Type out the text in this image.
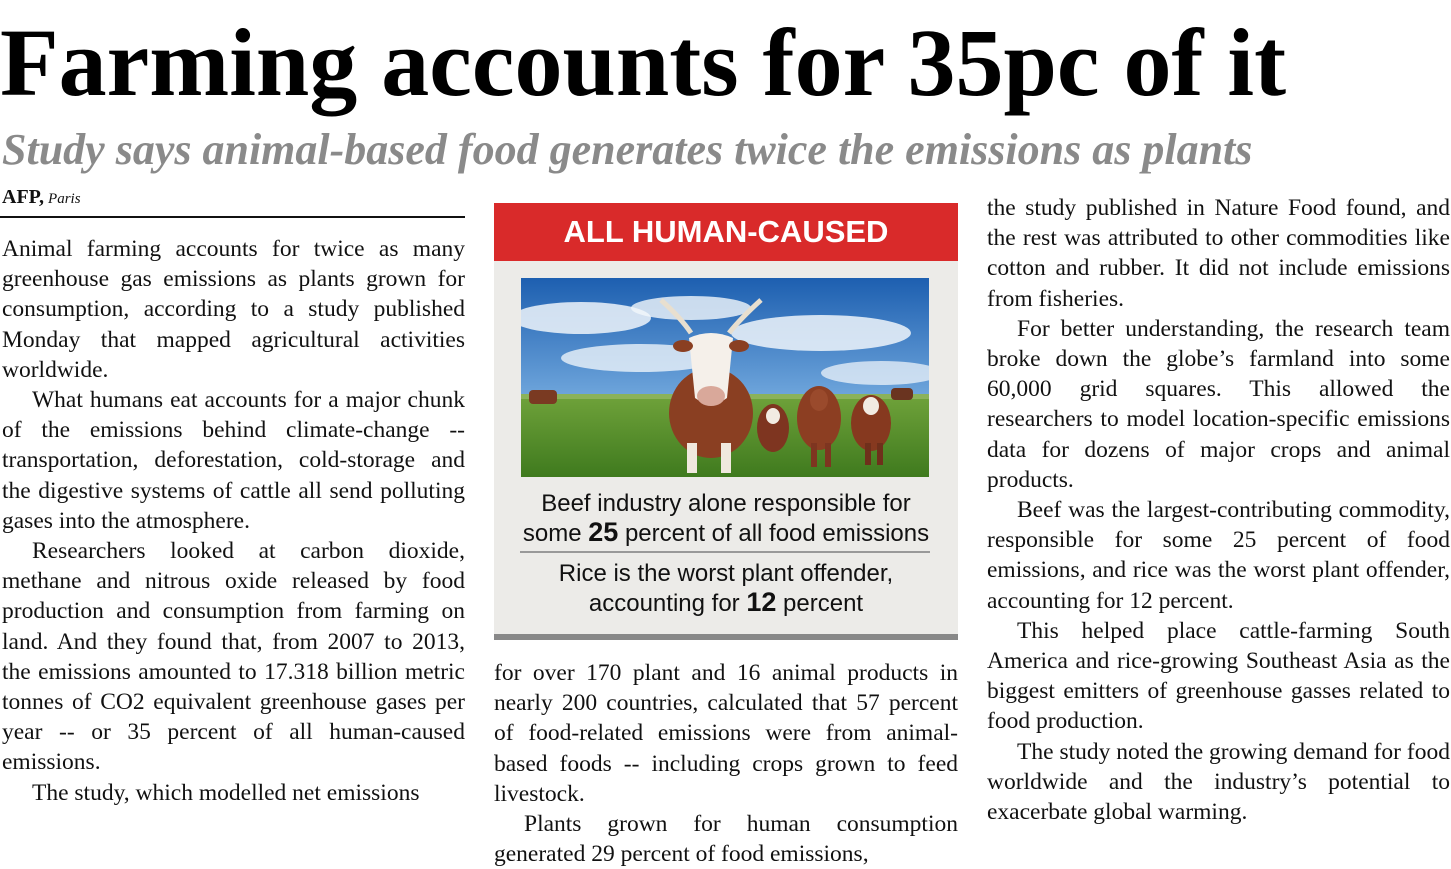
Farming accounts for 35pc of it
Study says animal-based food generates twice the emissions as plants
AFP, Paris

Animal farming accounts for twice as many greenhouse gas emissions as plants grown for consumption, according to a study published Monday that mapped agricultural activities worldwide.

What humans eat accounts for a major chunk of the emissions behind climate-change -- transportation, deforestation, cold-storage and the digestive systems of cattle all send polluting gases into the atmosphere.

Researchers looked at carbon dioxide, methane and nitrous oxide released by food production and consumption from farming on land. And they found that, from 2007 to 2013, the emissions amounted to 17.318 billion metric tonnes of CO2 equivalent greenhouse gases per year -- or 35 percent of all human-caused emissions.

The study, which modelled net emissions

ALL HUMAN-CAUSED
Beef industry alone responsible for some 25 percent of all food emissions
Rice is the worst plant offender, accounting for 12 percent

for over 170 plant and 16 animal products in nearly 200 countries, calculated that 57 percent of food-related emissions were from animal-based foods -- including crops grown to feed livestock.

Plants grown for human consumption generated 29 percent of food emissions,

the study published in Nature Food found, and the rest was attributed to other commodities like cotton and rubber. It did not include emissions from fisheries.

For better understanding, the research team broke down the globe’s farmland into some 60,000 grid squares. This allowed the researchers to model location-specific emissions data for dozens of major crops and animal products.

Beef was the largest-contributing commodity, responsible for some 25 percent of food emissions, and rice was the worst plant offender, accounting for 12 percent.

This helped place cattle-farming South America and rice-growing Southeast Asia as the biggest emitters of greenhouse gasses related to food production.

The study noted the growing demand for food worldwide and the industry’s potential to exacerbate global warming.
